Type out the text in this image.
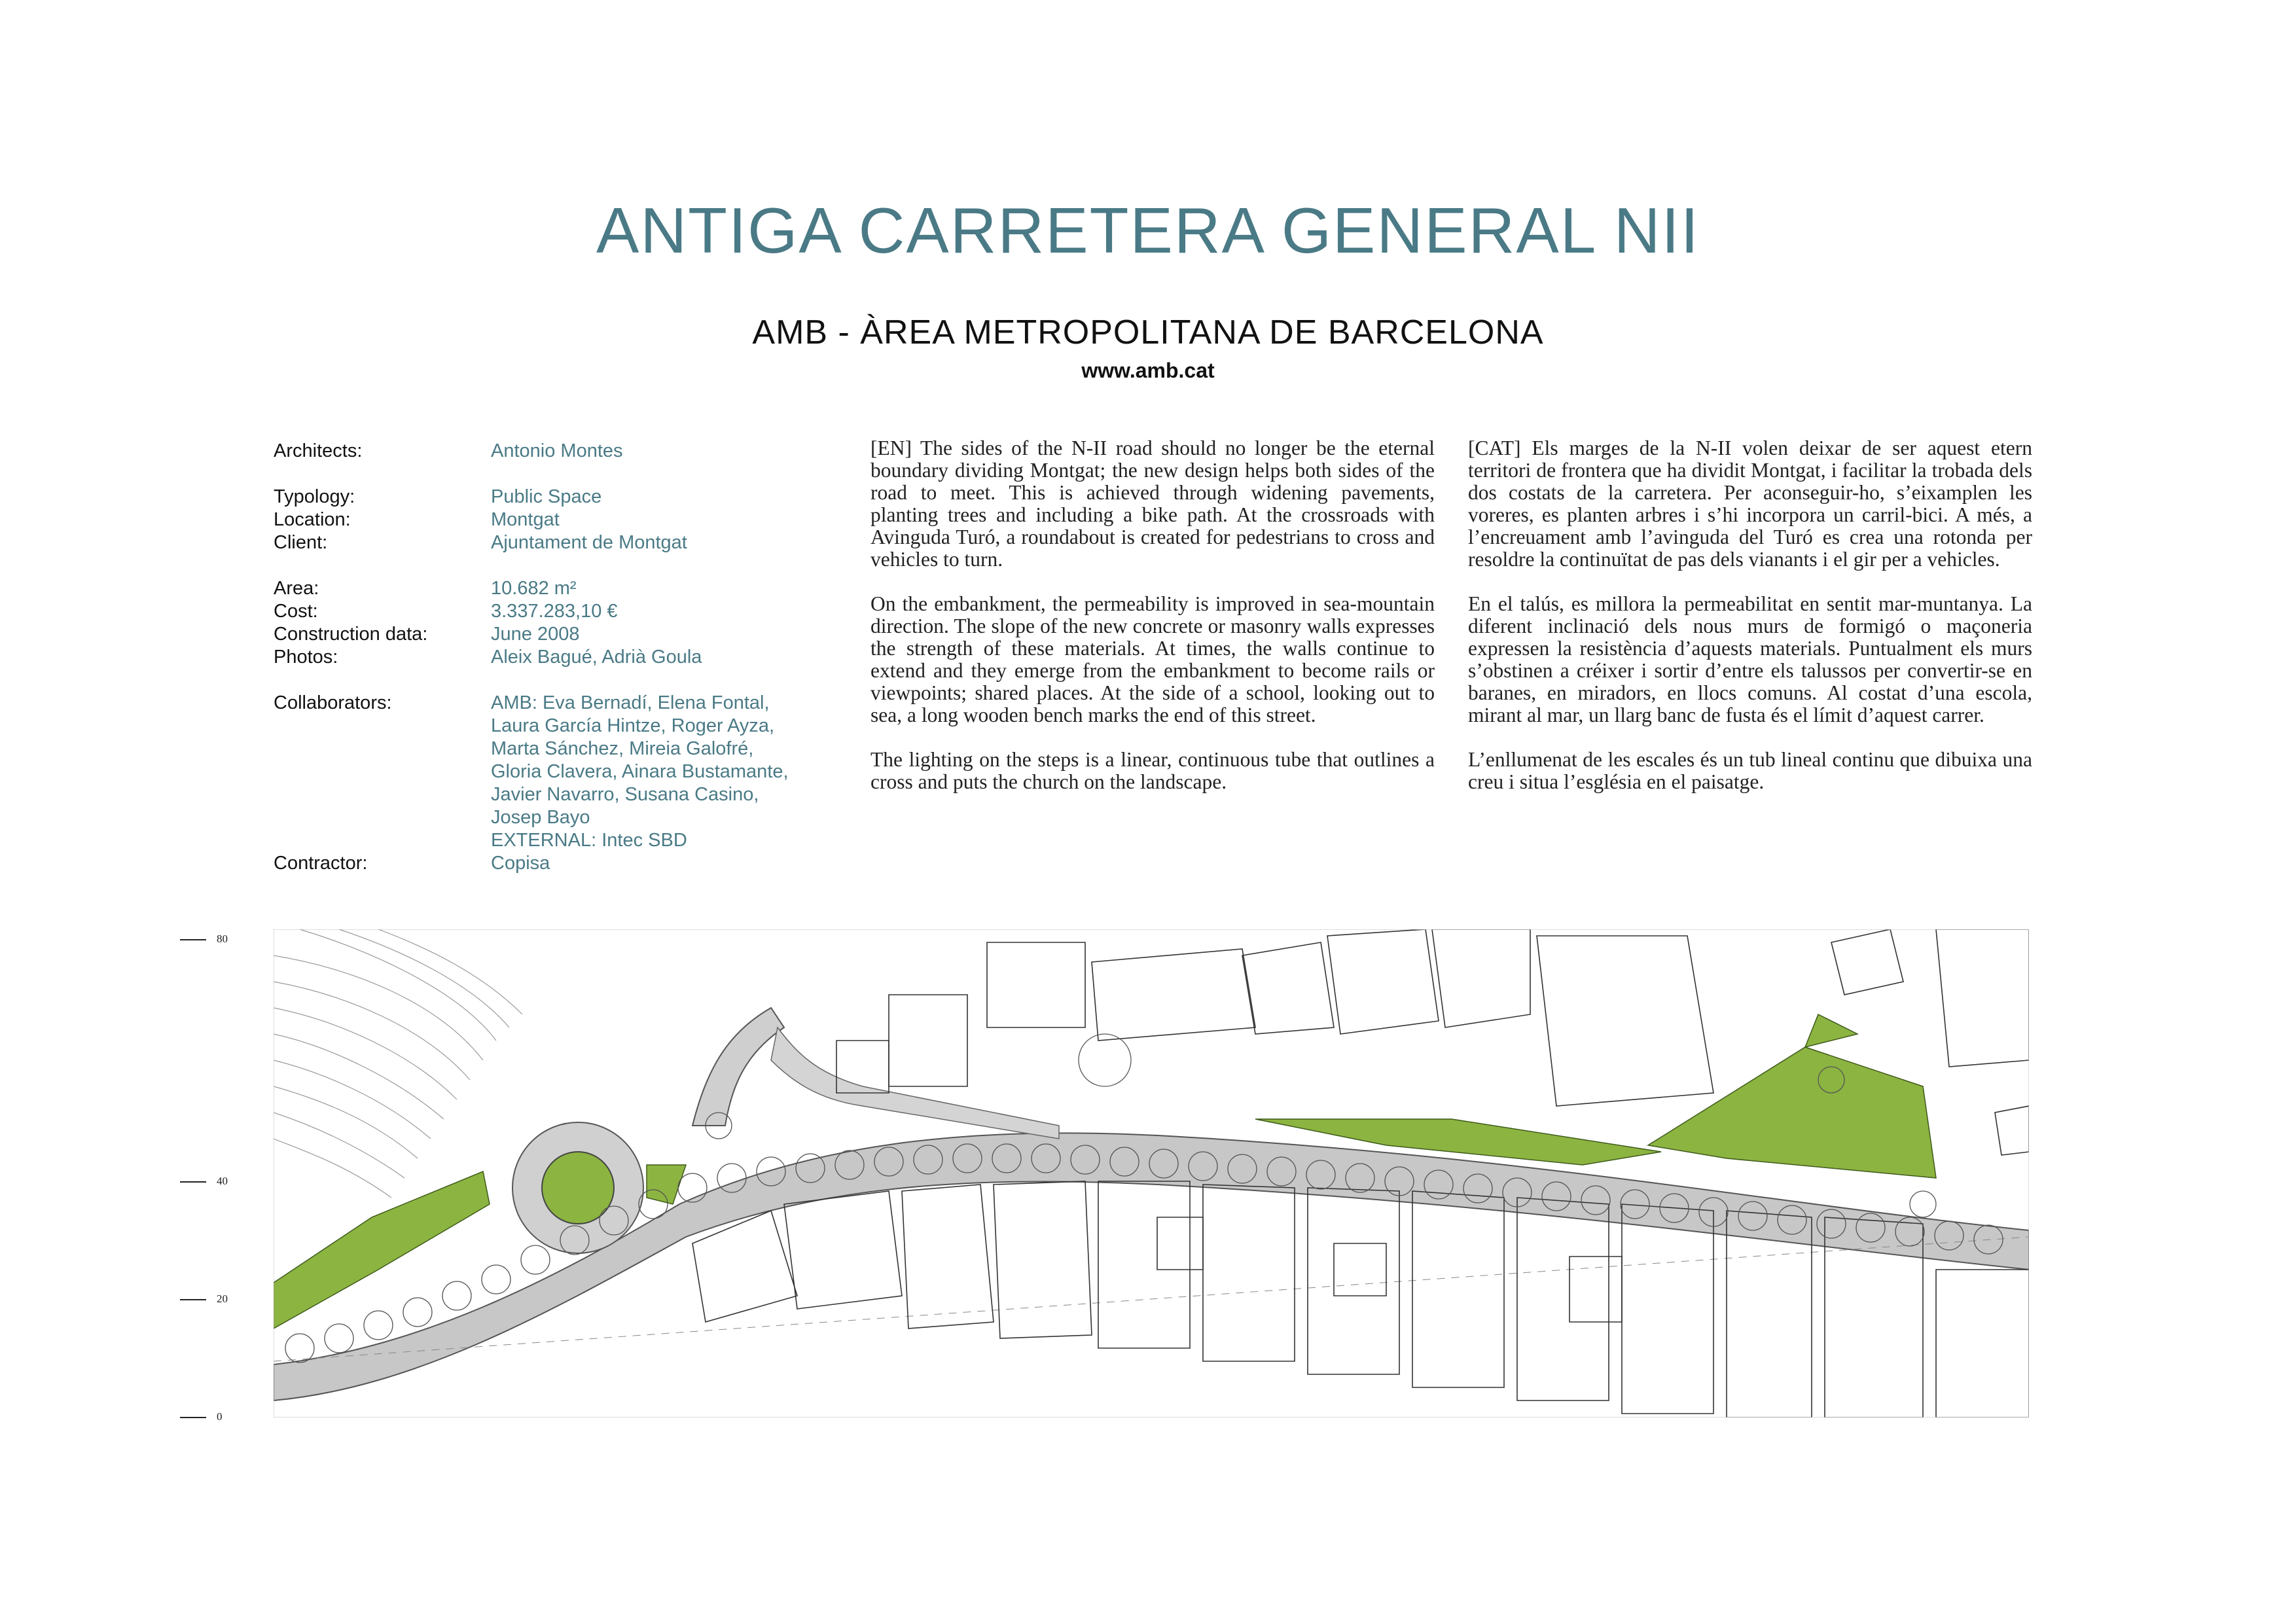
ANTIGA CARRETERA GENERAL NII
AMB - ÀREA METROPOLITANA DE BARCELONA
www.amb.cat
Architects:	Antonio Montes
Typology:	Public Space
Location:	Montgat
Client:	Ajuntament de Montgat
Area:	10.682 m²
Cost:	3.337.283,10 €
Construction data:	June 2008
Photos:	Aleix Bagué, Adrià Goula
Collaborators:	AMB: Eva Bernadí, Elena Fontal,
Laura García Hintze, Roger Ayza,
Marta Sánchez, Mireia Galofré,
Gloria Clavera, Ainara Bustamante,
Javier Navarro, Susana Casino,
Josep Bayo
EXTERNAL: Intec SBD
Contractor:	Copisa

[EN] The sides of the N-II road should no longer be the eternal boundary dividing Montgat; the new design helps both sides of the road to meet. This is achieved through widening pavements, planting trees and including a bike path. At the crossroads with Avinguda Turó, a roundabout is created for pedestrians to cross and vehicles to turn.

On the embankment, the permeability is improved in sea-mountain direction. The slope of the new concrete or masonry walls expresses the strength of these materials. At times, the walls continue to extend and they emerge from the embankment to become rails or viewpoints; shared places. At the side of a school, looking out to sea, a long wooden bench marks the end of this street.

The lighting on the steps is a linear, continuous tube that outlines a cross and puts the church on the landscape.

[CAT] Els marges de la N-II volen deixar de ser aquest etern territori de frontera que ha dividit Montgat, i facilitar la trobada dels dos costats de la carretera. Per aconseguir-ho, s’eixamplen les voreres, es planten arbres i s’hi incorpora un carril-bici. A més, a l’encreuament amb l’avinguda del Turó es crea una rotonda per resoldre la continuïtat de pas dels vianants i el gir per a vehicles.

En el talús, es millora la permeabilitat en sentit mar-muntanya. La diferent inclinació dels nous murs de formigó o maçoneria expressen la resistència d’aquests materials. Puntualment els murs s’obstinen a créixer i sortir d’entre els talussos per convertir-se en baranes, en miradors, en llocs comuns. Al costat d’una escola, mirant al mar, un llarg banc de fusta és el límit d’aquest carrer.

L’enllumenat de les escales és un tub lineal continu que dibuixa una creu i situa l’església en el paisatge.

80
40
20
0
